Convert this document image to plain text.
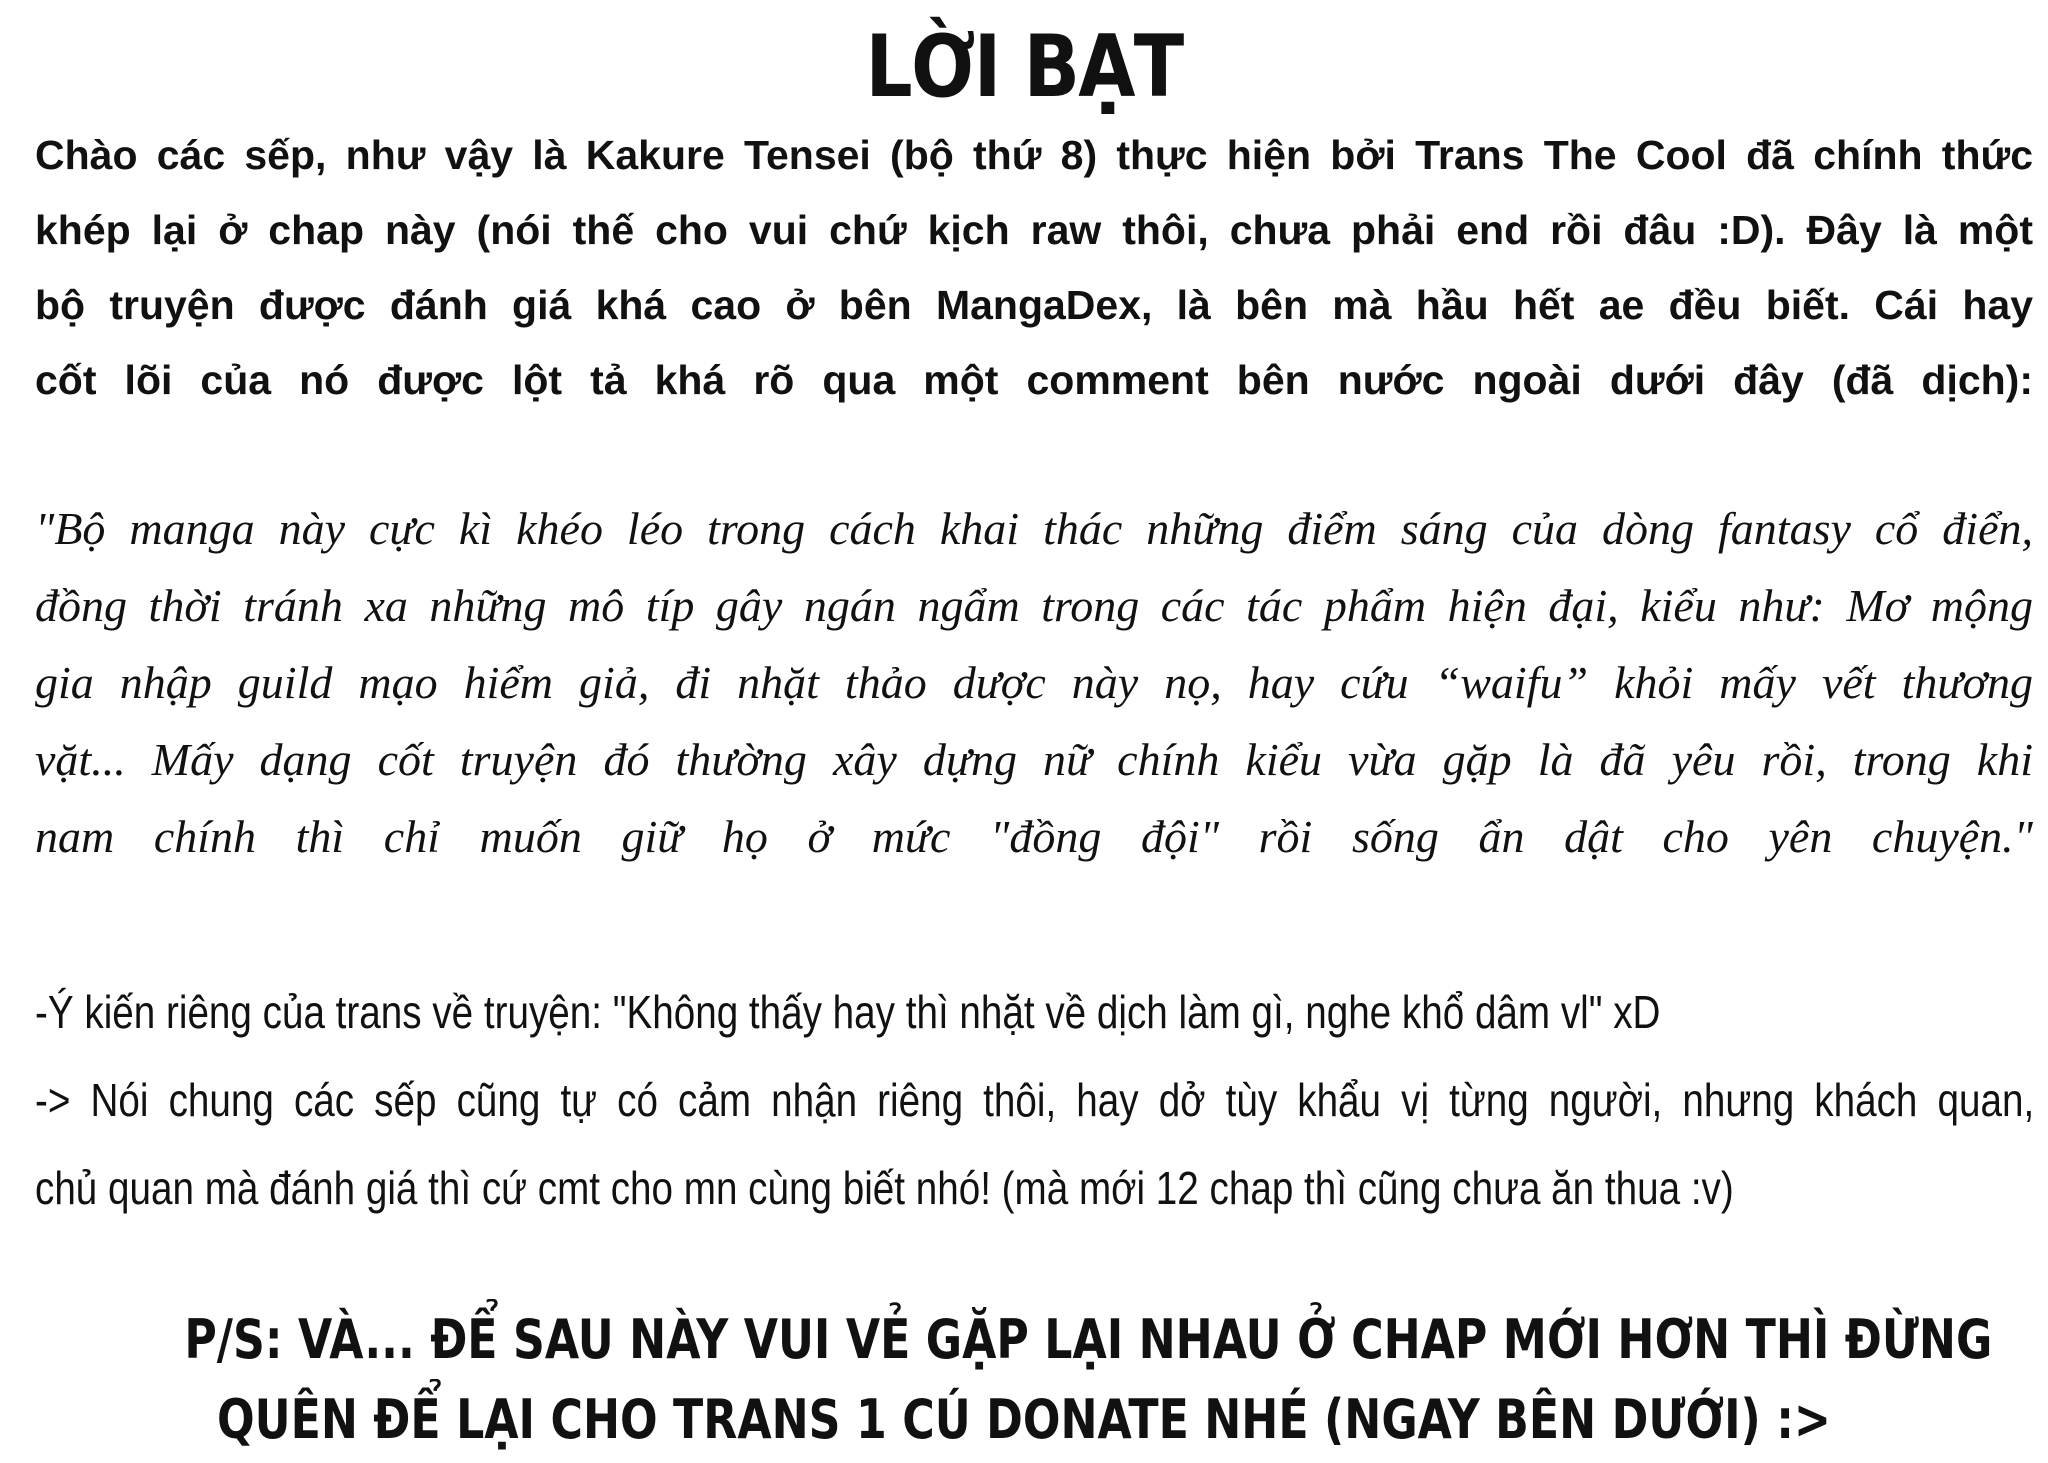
LỜI BẠT
Chào các sếp, như vậy là Kakure Tensei (bộ thứ 8) thực hiện bởi Trans The Cool đã chính thức
khép lại ở chap này (nói thế cho vui chứ kịch raw thôi, chưa phải end rồi đâu :D). Đây là một
bộ truyện được đánh giá khá cao ở bên MangaDex, là bên mà hầu hết ae đều biết. Cái hay
cốt lõi của nó được lột tả khá rõ qua một comment bên nước ngoài dưới đây (đã dịch):
"Bộ manga này cực kì khéo léo trong cách khai thác những điểm sáng của dòng fantasy cổ điển,
đồng thời tránh xa những mô típ gây ngán ngẩm trong các tác phẩm hiện đại, kiểu như: Mơ mộng
gia nhập guild mạo hiểm giả, đi nhặt thảo dược này nọ, hay cứu “waifu” khỏi mấy vết thương
vặt... Mấy dạng cốt truyện đó thường xây dựng nữ chính kiểu vừa gặp là đã yêu rồi, trong khi
nam chính thì chỉ muốn giữ họ ở mức "đồng đội" rồi sống ẩn dật cho yên chuyện."
-Ý kiến riêng của trans về truyện: "Không thấy hay thì nhặt về dịch làm gì, nghe khổ dâm vl" xD
-> Nói chung các sếp cũng tự có cảm nhận riêng thôi, hay dở tùy khẩu vị từng người, nhưng khách quan,
chủ quan mà đánh giá thì cứ cmt cho mn cùng biết nhó! (mà mới 12 chap thì cũng chưa ăn thua :v)
P/S: VÀ... ĐỂ SAU NÀY VUI VẺ GẶP LẠI NHAU Ở CHAP MỚI HƠN THÌ ĐỪNG
QUÊN ĐỂ LẠI CHO TRANS 1 CÚ DONATE NHÉ (NGAY BÊN DƯỚI) :>
